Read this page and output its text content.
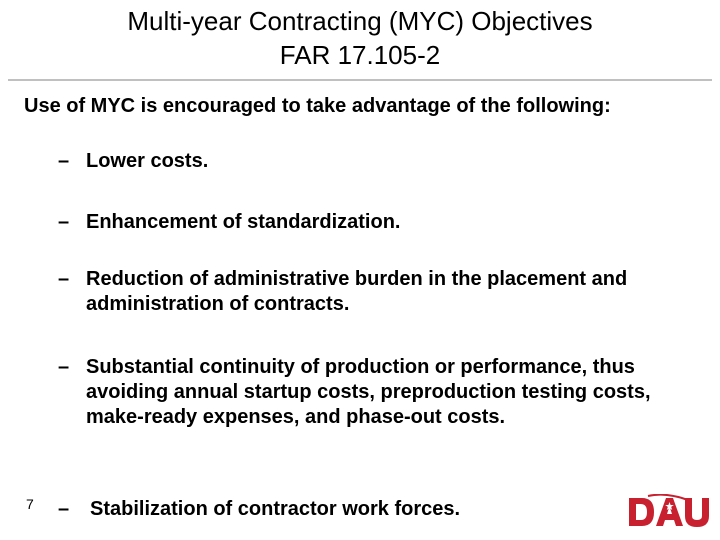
Multi-year Contracting (MYC) Objectives
FAR 17.105-2
Use of MYC is encouraged to take advantage of the following:
– Lower costs.
– Enhancement of standardization.
– Reduction of administrative burden in the placement and administration of contracts.
– Substantial continuity of production or performance, thus avoiding annual startup costs, preproduction testing costs, make-ready expenses, and phase-out costs.
– Stabilization of contractor work forces.
7
